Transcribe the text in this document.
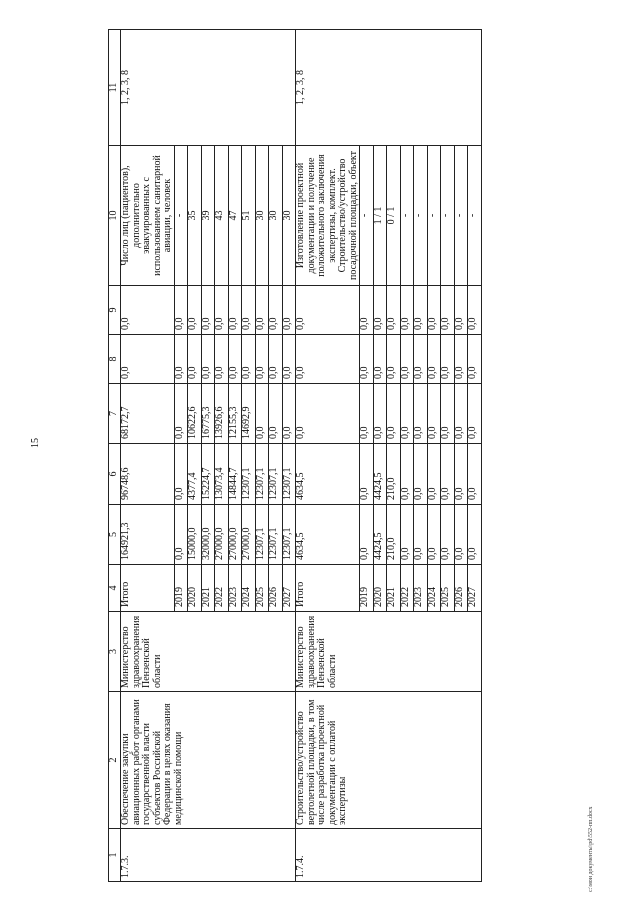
15
1	2	3	4	5	6	7	8	9	10	11
1.7.3.	Обеспечение закупки авиационных работ органами государственной власти субъектов Российской Федерации в целях оказания медицинской помощи	Министерство здравоохранения Пензенской области	Итого	164921,3	96748,6	68172,7	0,0	0,0	Число лиц (пациентов), дополнительно эвакуированных с использованием санитарной авиации, человек	1, 2, 3, 8
			2019	0,0	0,0	0,0	0,0	0,0	-	
			2020	15000,0	4377,4	10622,6	0,0	0,0	35	
			2021	32000,0	15224,7	16775,3	0,0	0,0	39	
			2022	27000,0	13073,4	13926,6	0,0	0,0	43	
			2023	27000,0	14844,7	12155,3	0,0	0,0	47	
			2024	27000,0	12307,1	14692,9	0,0	0,0	51	
			2025	12307,1	12307,1	0,0	0,0	0,0	30	
			2026	12307,1	12307,1	0,0	0,0	0,0	30	
			2027	12307,1	12307,1	0,0	0,0	0,0	30	
1.7.4.	Строительство/устройство вертолетной площадки, в том числе разработка проектной документации с оплатой экспертизы	Министерство здравоохранения Пензенской области	Итого	4634,5	4634,5	0,0	0,0	0,0	Изготовление проектной документации и получение положительного заключения экспертизы, комплект. Строительство/устройство посадочной площадки, объект	1, 2, 3, 8
			2019	0,0	0,0	0,0	0,0	0,0	-	
			2020	4424,5	4424,5	0,0	0,0	0,0	1 / 1	
			2021	210,0	210,0	0,0	0,0	0,0	0 / 1	
			2022	0,0	0,0	0,0	0,0	0,0	-	
			2023	0,0	0,0	0,0	0,0	0,0	-	
			2024	0,0	0,0	0,0	0,0	0,0	-	
			2025	0,0	0,0	0,0	0,0	0,0	-	
			2026	0,0	0,0	0,0	0,0	0,0	-	
			2027	0,0	0,0	0,0	0,0	0,0	-	
c:\мои документы\pd\552-пп.docx
